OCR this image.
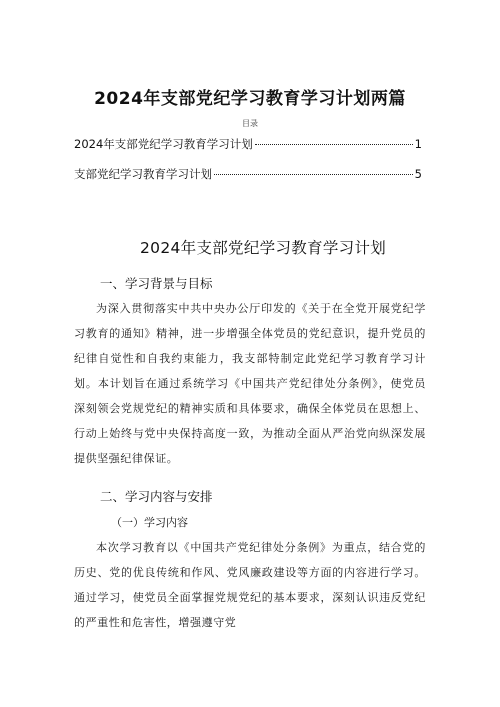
2024年支部党纪学习教育学习计划两篇
目录
2024年支部党纪学习教育学习计划	1
支部党纪学习教育学习计划	5
2024年支部党纪学习教育学习计划
一、学习背景与目标
为深入贯彻落实中共中央办公厅印发的《关于在全党开展党纪学习教育的通知》精神，进一步增强全体党员的党纪意识，提升党员的纪律自觉性和自我约束能力，我支部特制定此党纪学习教育学习计划。本计划旨在通过系统学习《中国共产党纪律处分条例》，使党员深刻领会党规党纪的精神实质和具体要求，确保全体党员在思想上、行动上始终与党中央保持高度一致，为推动全面从严治党向纵深发展提供坚强纪律保证。
二、学习内容与安排
（一）学习内容
本次学习教育以《中国共产党纪律处分条例》为重点，结合党的历史、党的优良传统和作风、党风廉政建设等方面的内容进行学习。通过学习，使党员全面掌握党规党纪的基本要求，深刻认识违反党纪的严重性和危害性，增强遵守党
